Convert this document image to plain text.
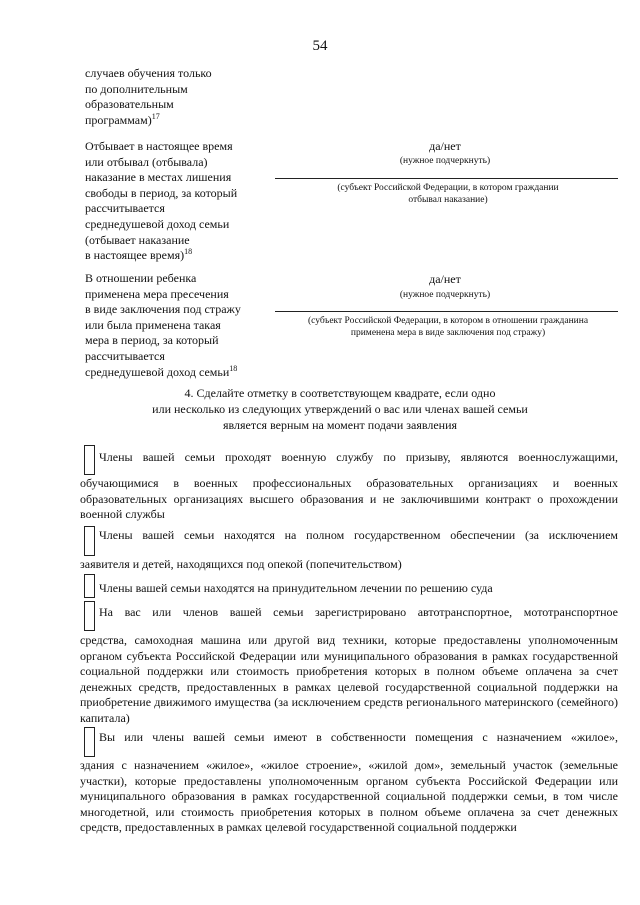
54
случаев обучения только
по дополнительным
образовательным
программам)$^{17}$
Отбывает в настоящее время
или отбывал (отбывала)
наказание в местах лишения
свободы в период, за который
рассчитывается
среднедушевой доход семьи
(отбывает наказание
в настоящее время)$^{18}$
да/нет
(нужное подчеркнуть)
(субъект Российской Федерации, в котором граждании
отбывал наказание)
В отношении ребенка
применена мера пресечения
в виде заключения под стражу
или была применена такая
мера в период, за который
рассчитывается
среднедушевой доход семьи$^{18}$
да/нет
(нужное подчеркнуть)
(субъект Российской Федерации, в котором в отношении гражданина
применена мера в виде заключения под стражу)
4. Сделайте отметку в соответствующем квадрате, если одно
или несколько из следующих утверждений о вас или членах вашей семьи
является верным на момент подачи заявления
Члены вашей семьи проходят военную службу по призыву, являются военнослужащими,
обучающимися в военных профессиональных образовательных организациях и военных образовательных организациях высшего образования и не заключившими контракт о прохождении военной службы
Члены вашей семьи находятся на полном государственном обеспечении (за исключением
заявителя и детей, находящихся под опекой (попечительством)
Члены вашей семьи находятся на принудительном лечении по решению суда
На вас или членов вашей семьи зарегистрировано автотранспортное, мототранспортное
средства, самоходная машина или другой вид техники, которые предоставлены уполномоченным органом субъекта Российской Федерации или муниципального образования в рамках государственной социальной поддержки или стоимость приобретения которых в полном объеме оплачена за счет денежных средств, предоставленных в рамках целевой государственной социальной поддержки на приобретение движимого имущества (за исключением средств регионального материнского (семейного) капитала)
Вы или члены вашей семьи имеют в собственности помещения с назначением «жилое»,
здания с назначением «жилое», «жилое строение», «жилой дом», земельный участок (земельные участки), которые предоставлены уполномоченным органом субъекта Российской Федерации или муниципального образования в рамках государственной социальной поддержки семьи, в том числе многодетной, или стоимость приобретения которых в полном объеме оплачена за счет денежных средств, предоставленных в рамках целевой государственной социальной поддержки
